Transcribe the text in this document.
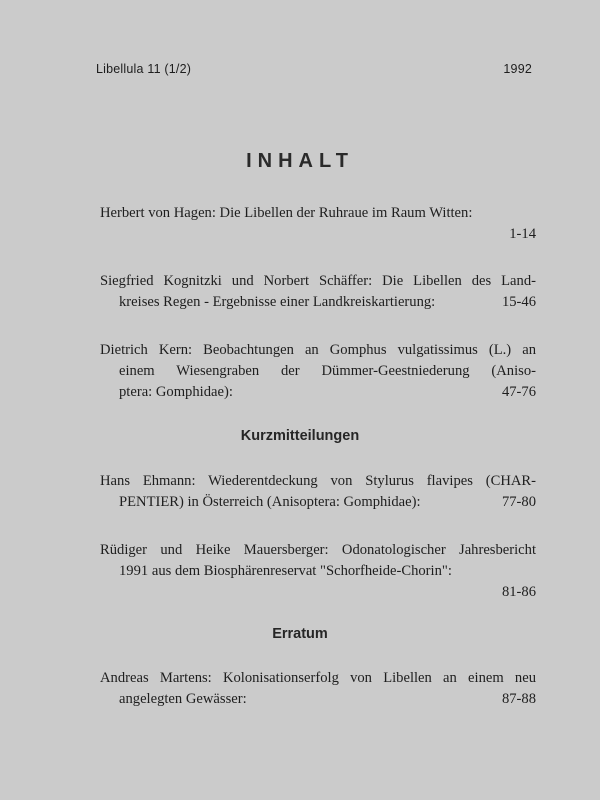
Libellula 11 (1/2)	1992
INHALT
Herbert von Hagen: Die Libellen der Ruhraue im Raum Witten:
1-14
Siegfried Kognitzki und Norbert Schäffer: Die Libellen des Land-
kreises Regen - Ergebnisse einer Landkreiskartierung:	15-46
Dietrich Kern: Beobachtungen an Gomphus vulgatissimus (L.) an
einem Wiesengraben der Dümmer-Geestniederung (Aniso-
ptera: Gomphidae):	47-76
Kurzmitteilungen
Hans Ehmann: Wiederentdeckung von Stylurus flavipes (CHAR-
PENTIER) in Österreich (Anisoptera: Gomphidae):	77-80
Rüdiger und Heike Mauersberger: Odonatologischer Jahresbericht
1991 aus dem Biosphärenreservat "Schorfheide-Chorin":
81-86
Erratum
Andreas Martens: Kolonisationserfolg von Libellen an einem neu
angelegten Gewässer:	87-88
